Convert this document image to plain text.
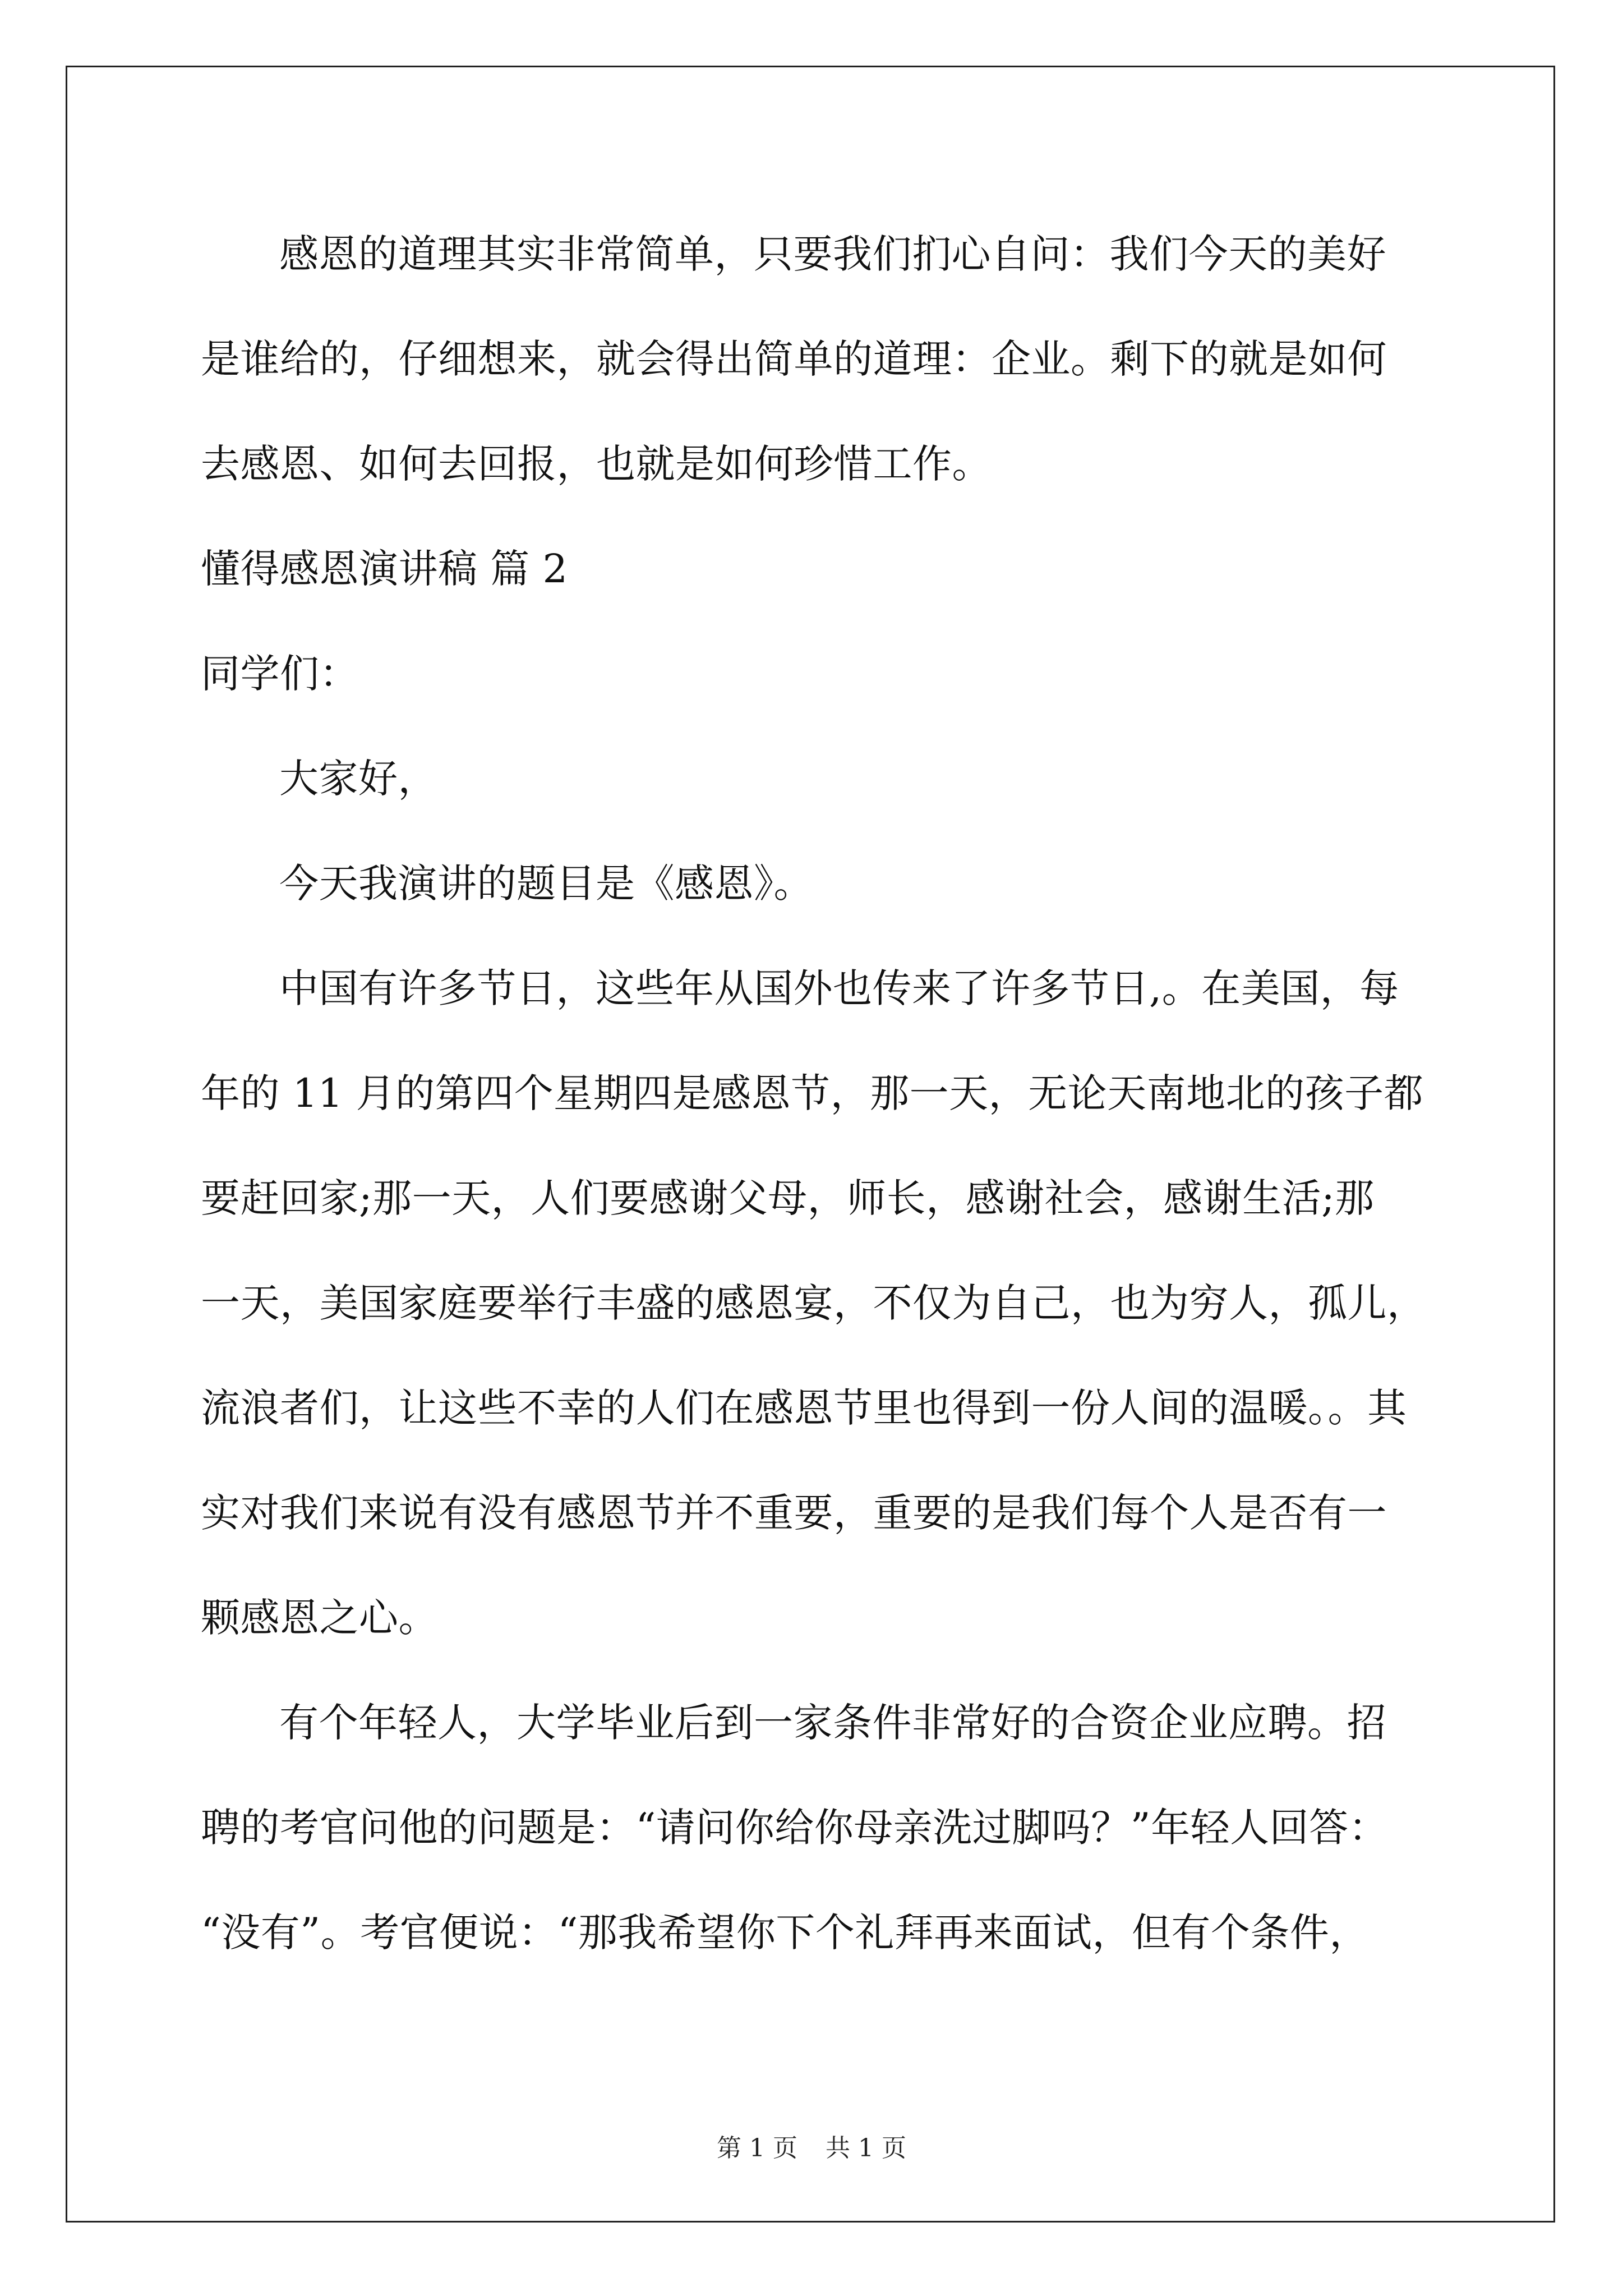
感恩的道理其实非常简单，只要我们扪心自问：我们今天的美好
是谁给的，仔细想来，就会得出简单的道理：企业。剩下的就是如何
去感恩、如何去回报，也就是如何珍惜工作。
懂得感恩演讲稿 篇 2
同学们：
大家好，
今天我演讲的题目是《感恩》。
中国有许多节日，这些年从国外也传来了许多节日,。在美国，每
年的 11 月的第四个星期四是感恩节，那一天，无论天南地北的孩子都
要赶回家;那一天，人们要感谢父母，师长，感谢社会，感谢生活;那
一天，美国家庭要举行丰盛的感恩宴，不仅为自己，也为穷人，孤儿，
流浪者们，让这些不幸的人们在感恩节里也得到一份人间的温暖。。其
实对我们来说有没有感恩节并不重要，重要的是我们每个人是否有一
颗感恩之心。
有个年轻人，大学毕业后到一家条件非常好的合资企业应聘。招
聘的考官问他的问题是：“请问你给你母亲洗过脚吗？”年轻人回答：
“没有”。考官便说：“那我希望你下个礼拜再来面试，但有个条件，
第 1 页 共 1 页
